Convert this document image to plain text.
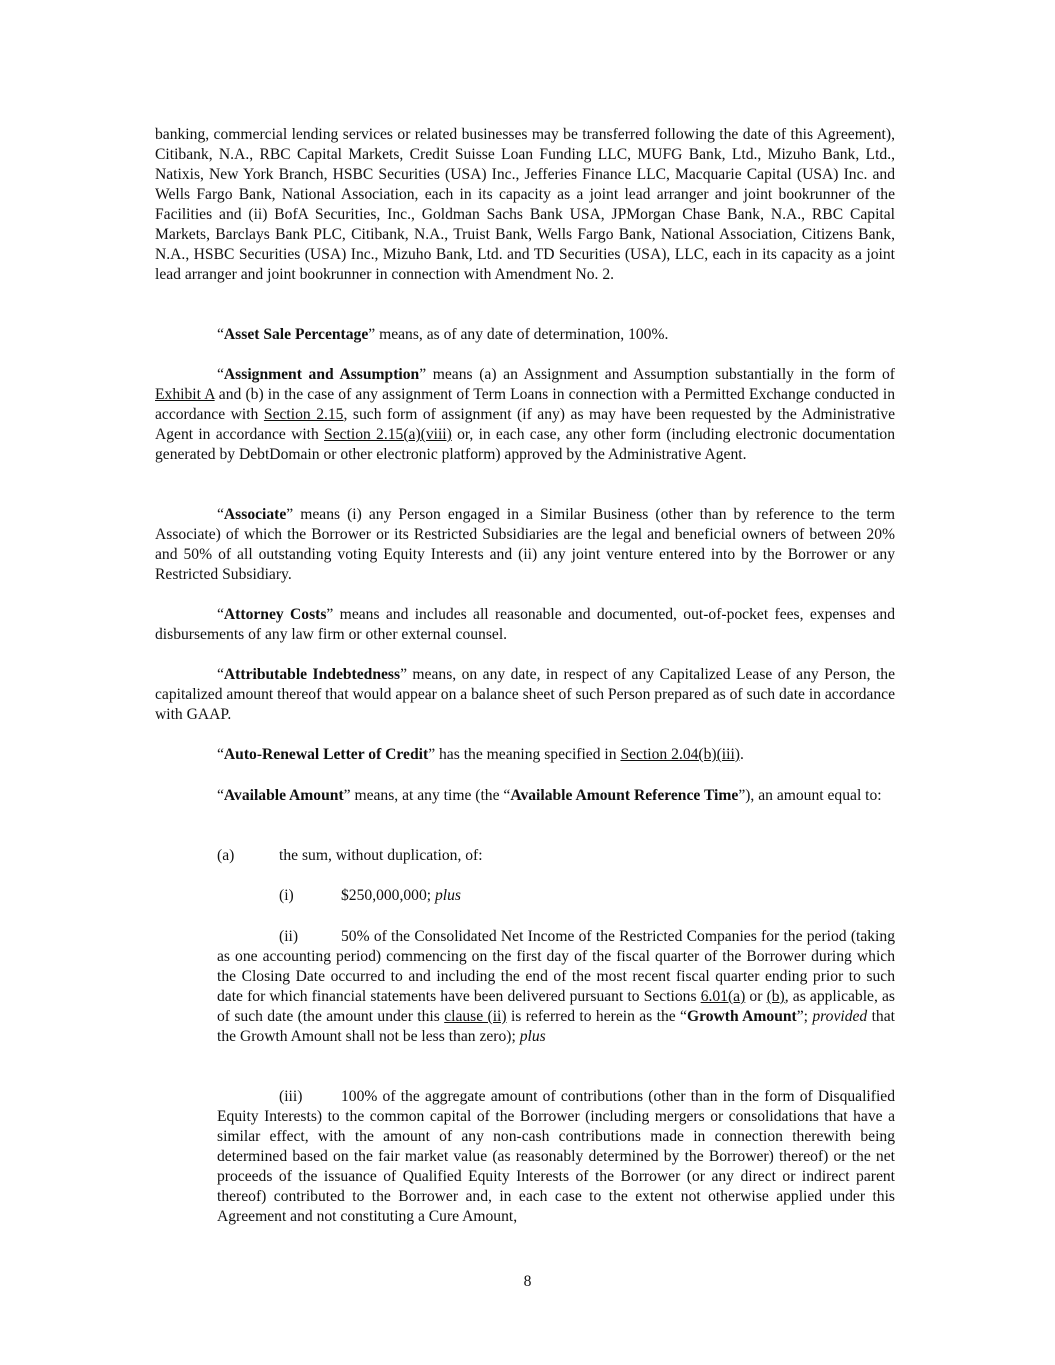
banking, commercial lending services or related businesses may be transferred following the date of this Agreement), Citibank, N.A., RBC Capital Markets, Credit Suisse Loan Funding LLC, MUFG Bank, Ltd., Mizuho Bank, Ltd., Natixis, New York Branch, HSBC Securities (USA) Inc., Jefferies Finance LLC, Macquarie Capital (USA) Inc. and Wells Fargo Bank, National Association, each in its capacity as a joint lead arranger and joint bookrunner of the Facilities and (ii) BofA Securities, Inc., Goldman Sachs Bank USA, JPMorgan Chase Bank, N.A., RBC Capital Markets, Barclays Bank PLC, Citibank, N.A., Truist Bank, Wells Fargo Bank, National Association, Citizens Bank, N.A., HSBC Securities (USA) Inc., Mizuho Bank, Ltd. and TD Securities (USA), LLC, each in its capacity as a joint lead arranger and joint bookrunner in connection with Amendment No. 2.

“Asset Sale Percentage” means, as of any date of determination, 100%.

“Assignment and Assumption” means (a) an Assignment and Assumption substantially in the form of Exhibit A and (b) in the case of any assignment of Term Loans in connection with a Permitted Exchange conducted in accordance with Section 2.15, such form of assignment (if any) as may have been requested by the Administrative Agent in accordance with Section 2.15(a)(viii) or, in each case, any other form (including electronic documentation generated by DebtDomain or other electronic platform) approved by the Administrative Agent.

“Associate” means (i) any Person engaged in a Similar Business (other than by reference to the term Associate) of which the Borrower or its Restricted Subsidiaries are the legal and beneficial owners of between 20% and 50% of all outstanding voting Equity Interests and (ii) any joint venture entered into by the Borrower or any Restricted Subsidiary.

“Attorney Costs” means and includes all reasonable and documented, out-of-pocket fees, expenses and disbursements of any law firm or other external counsel.

“Attributable Indebtedness” means, on any date, in respect of any Capitalized Lease of any Person, the capitalized amount thereof that would appear on a balance sheet of such Person prepared as of such date in accordance with GAAP.

“Auto-Renewal Letter of Credit” has the meaning specified in Section 2.04(b)(iii).

“Available Amount” means, at any time (the “Available Amount Reference Time”), an amount equal to:

(a)	the sum, without duplication, of:
(i)	$250,000,000; plus

(ii)	50% of the Consolidated Net Income of the Restricted Companies for the period (taking as one accounting period) commencing on the first day of the fiscal quarter of the Borrower during which the Closing Date occurred to and including the end of the most recent fiscal quarter ending prior to such date for which financial statements have been delivered pursuant to Sections 6.01(a) or (b), as applicable, as of such date (the amount under this clause (ii) is referred to herein as the “Growth Amount”; provided that the Growth Amount shall not be less than zero); plus

(iii) 100% of the aggregate amount of contributions (other than in the form of Disqualified Equity Interests) to the common capital of the Borrower (including mergers or consolidations that have a similar effect, with the amount of any non-cash contributions made in connection therewith being determined based on the fair market value (as reasonably determined by the Borrower) thereof) or the net proceeds of the issuance of Qualified Equity Interests of the Borrower (or any direct or indirect parent thereof) contributed to the Borrower and, in each case to the extent not otherwise applied under this Agreement and not constituting a Cure Amount,

8
